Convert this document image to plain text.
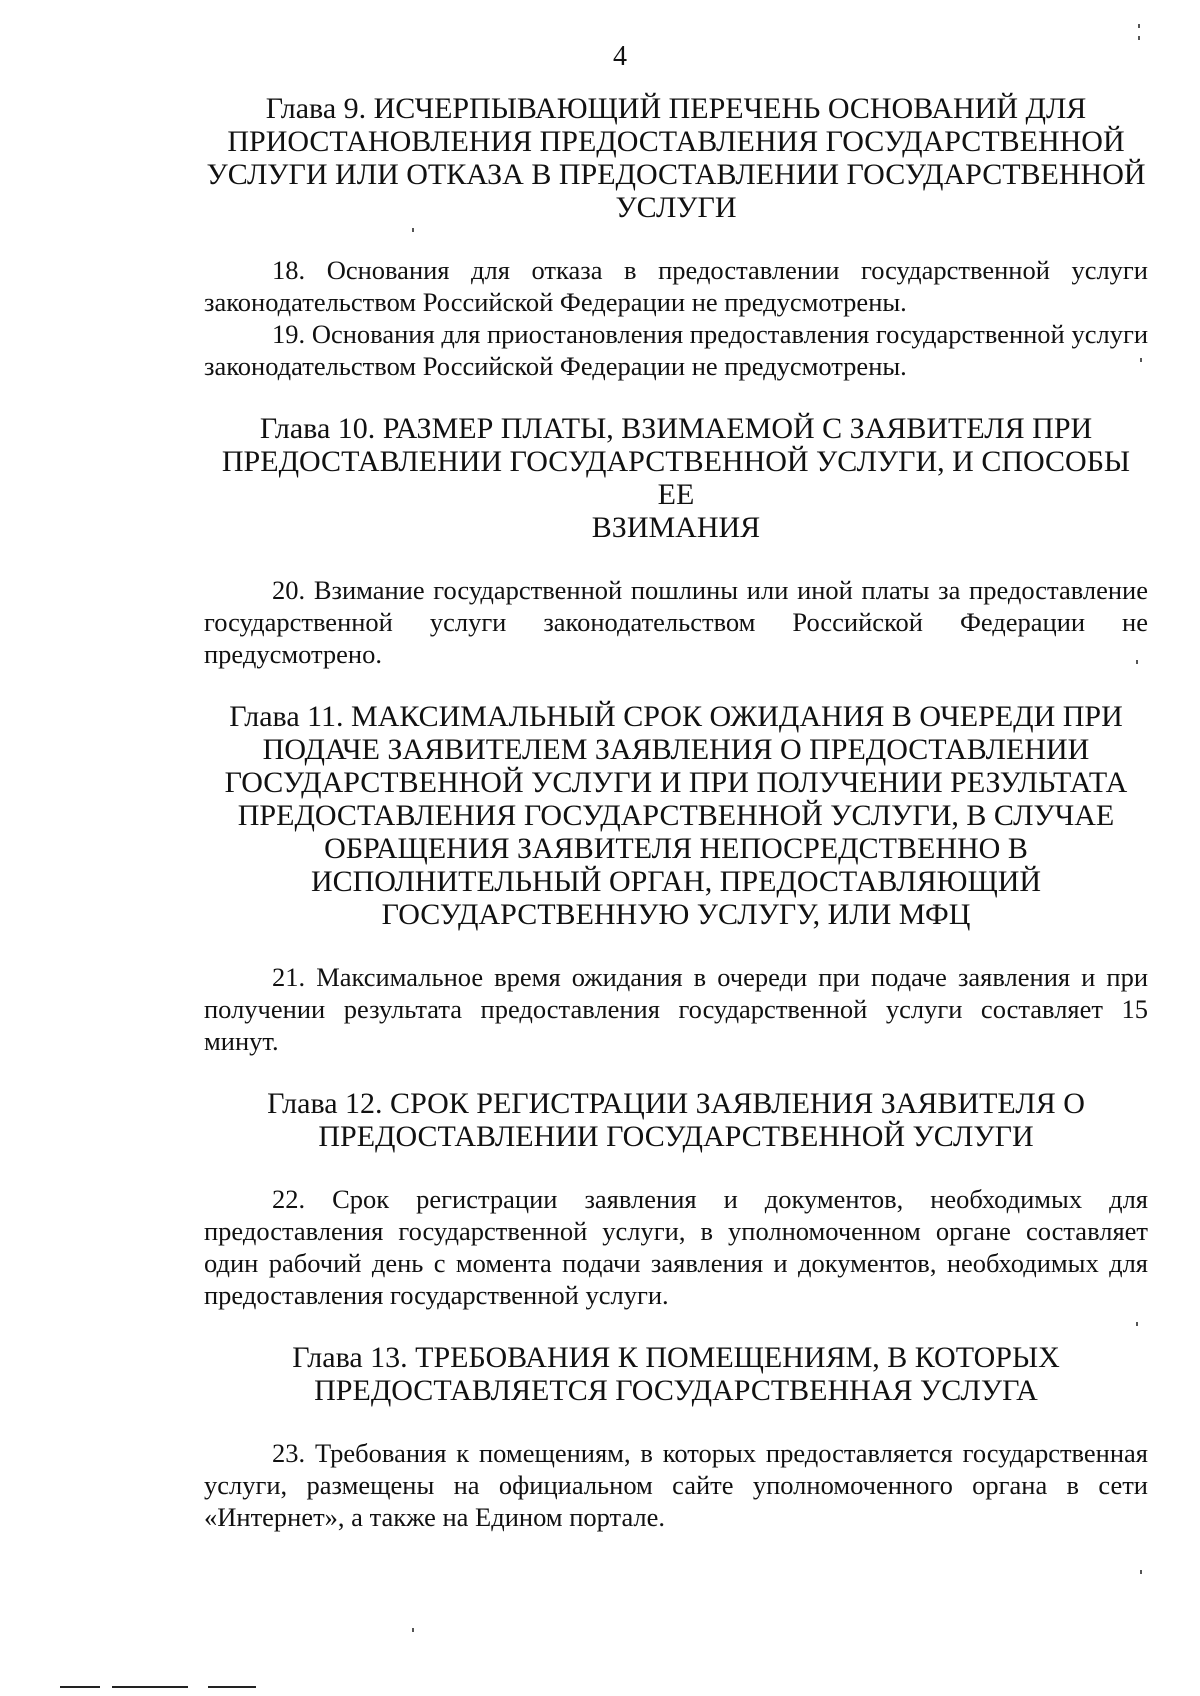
4
Глава 9. ИСЧЕРПЫВАЮЩИЙ ПЕРЕЧЕНЬ ОСНОВАНИЙ ДЛЯ
ПРИОСТАНОВЛЕНИЯ ПРЕДОСТАВЛЕНИЯ ГОСУДАРСТВЕННОЙ
УСЛУГИ ИЛИ ОТКАЗА В ПРЕДОСТАВЛЕНИИ ГОСУДАРСТВЕННОЙ
УСЛУГИ

18. Основания для отказа в предоставлении государственной услуги законодательством Российской Федерации не предусмотрены.

19. Основания для приостановления предоставления государственной услуги законодательством Российской Федерации не предусмотрены.

Глава 10. РАЗМЕР ПЛАТЫ, ВЗИМАЕМОЙ С ЗАЯВИТЕЛЯ ПРИ
ПРЕДОСТАВЛЕНИИ ГОСУДАРСТВЕННОЙ УСЛУГИ, И СПОСОБЫ ЕЕ
ВЗИМАНИЯ

20. Взимание государственной пошлины или иной платы за предоставление государственной услуги законодательством Российской Федерации не предусмотрено.

Глава 11. МАКСИМАЛЬНЫЙ СРОК ОЖИДАНИЯ В ОЧЕРЕДИ ПРИ
ПОДАЧЕ ЗАЯВИТЕЛЕМ ЗАЯВЛЕНИЯ О ПРЕДОСТАВЛЕНИИ
ГОСУДАРСТВЕННОЙ УСЛУГИ И ПРИ ПОЛУЧЕНИИ РЕЗУЛЬТАТА
ПРЕДОСТАВЛЕНИЯ ГОСУДАРСТВЕННОЙ УСЛУГИ, В СЛУЧАЕ
ОБРАЩЕНИЯ ЗАЯВИТЕЛЯ НЕПОСРЕДСТВЕННО В
ИСПОЛНИТЕЛЬНЫЙ ОРГАН, ПРЕДОСТАВЛЯЮЩИЙ
ГОСУДАРСТВЕННУЮ УСЛУГУ, ИЛИ МФЦ

21. Максимальное время ожидания в очереди при подаче заявления и при получении результата предоставления государственной услуги составляет 15 минут.

Глава 12. СРОК РЕГИСТРАЦИИ ЗАЯВЛЕНИЯ ЗАЯВИТЕЛЯ О
ПРЕДОСТАВЛЕНИИ ГОСУДАРСТВЕННОЙ УСЛУГИ

22. Срок регистрации заявления и документов, необходимых для предоставления государственной услуги, в уполномоченном органе составляет один рабочий день с момента подачи заявления и документов, необходимых для предоставления государственной услуги.

Глава 13. ТРЕБОВАНИЯ К ПОМЕЩЕНИЯМ, В КОТОРЫХ
ПРЕДОСТАВЛЯЕТСЯ ГОСУДАРСТВЕННАЯ УСЛУГА

23. Требования к помещениям, в которых предоставляется государственная услуги, размещены на официальном сайте уполномоченного органа в сети «Интернет», а также на Едином портале.
